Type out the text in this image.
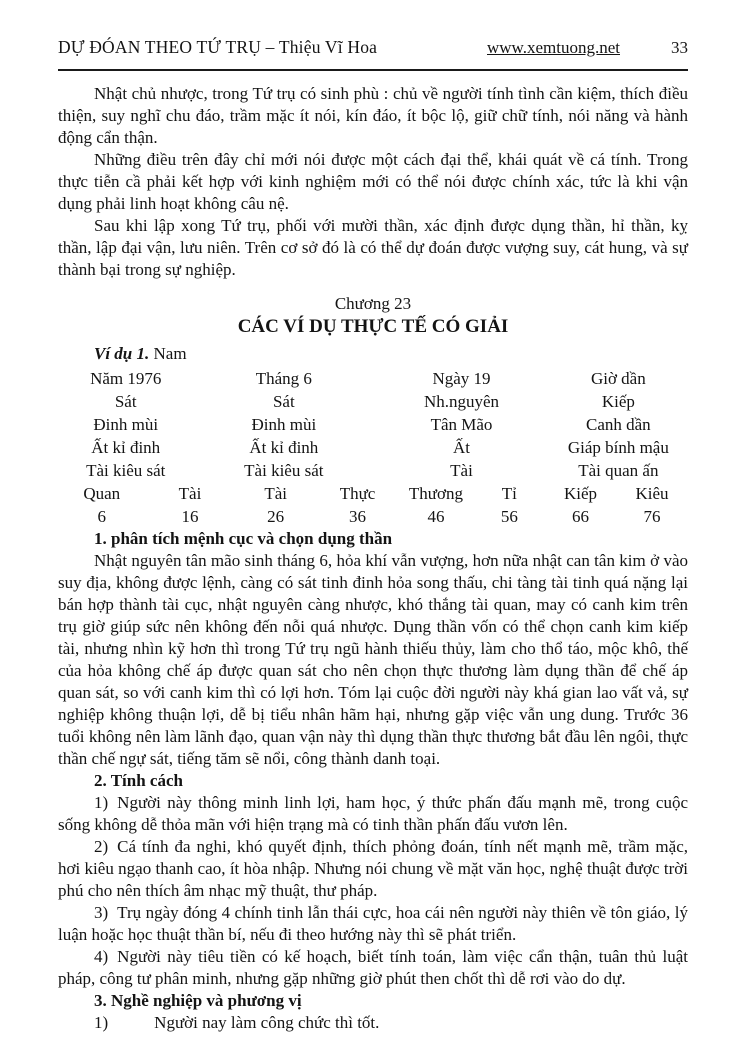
DỰ ĐÓAN THEO TỨ TRỤ – Thiệu Vĩ Hoa	www.xemtuong.net	33

Nhật chủ nhược, trong Tứ trụ có sinh phù : chủ về người tính tình cần kiệm, thích điều thiện, suy nghĩ chu đáo, trầm mặc ít nói, kín đáo, ít bộc lộ, giữ chữ tính, nói năng và hành động cẩn thận.

Những điều trên đây chỉ mới nói được một cách đại thể, khái quát về cá tính. Trong thực tiễn cầ phải kết hợp với kinh nghiệm mới có thể nói được chính xác, tức là khi vận dụng phải linh hoạt không câu nệ.

Sau khi lập xong Tứ trụ, phối với mười thần, xác định được dụng thần, hỉ thần, kỵ thần, lập đại vận, lưu niên. Trên cơ sở đó là có thể dự đoán được vượng suy, cát hung, và sự thành bại trong sự nghiệp.

Chương 23
CÁC VÍ DỤ THỰC TẾ CÓ GIẢI
Ví dụ 1. Nam
Năm 1976	Tháng 6	Ngày 19	Giờ dần
Sát	Sát	Nh.nguyên	Kiếp
Đinh mùi	Đinh mùi	Tân Mão	Canh dần
Ất kỉ đinh	Ất kỉ đinh	Ất	Giáp bính mậu
Tài kiêu sát	Tài kiêu sát	Tài	Tài quan ấn
Quan	Tài	Tài	Thực	Thương	Tỉ	Kiếp	Kiêu
6	16	26	36	46	56	66	76

1. phân tích mệnh cục và chọn dụng thần

Nhật nguyên tân mão sinh tháng 6, hỏa khí vẫn vượng, hơn nữa nhật can tân kim ở vào suy địa, không được lệnh, càng có sát tinh đinh hỏa song thấu, chi tàng tài tinh quá nặng lại bán hợp thành tài cục, nhật nguyên càng nhược, khó thắng tài quan, may có canh kim trên trụ giờ giúp sức nên không đến nỗi quá nhược. Dụng thần vốn có thể chọn canh kim kiếp tài, nhưng nhìn kỹ hơn thì trong Tứ trụ ngũ hành thiếu thủy, làm cho thổ táo, mộc khô, thế của hỏa không chế áp được quan sát cho nên chọn thực thương làm dụng thần để chế áp quan sát, so với canh kim thì có lợi hơn. Tóm lại cuộc đời người này khá gian lao vất vả, sự nghiệp không thuận lợi, dễ bị tiểu nhân hãm hại, nhưng gặp việc vẫn ung dung. Trước 36 tuổi không nên làm lãnh đạo, quan vận này thì dụng thần thực thương bắt đầu lên ngôi, thực thần chế ngự sát, tiếng tăm sẽ nổi, công thành danh toại.

2. Tính cách

1) Người này thông minh linh lợi, ham học, ý thức phấn đấu mạnh mẽ, trong cuộc sống không dễ thỏa mãn với hiện trạng mà có tinh thần phấn đấu vươn lên.

2) Cá tính đa nghi, khó quyết định, thích phỏng đoán, tính nết mạnh mẽ, trầm mặc, hơi kiêu ngạo thanh cao, ít hòa nhập. Nhưng nói chung về mặt văn học, nghệ thuật được trời phú cho nên thích âm nhạc mỹ thuật, thư pháp.

3) Trụ ngày đóng 4 chính tinh lẫn thái cực, hoa cái nên người này thiên về tôn giáo, lý luận hoặc học thuật thần bí, nếu đi theo hướng này thì sẽ phát triển.

4) Người này tiêu tiền có kế hoạch, biết tính toán, làm việc cẩn thận, tuân thủ luật pháp, công tư phân minh, nhưng gặp những giờ phút then chốt thì dễ rơi vào do dự.

3. Nghề nghiệp và phương vị

1)	Người nay làm công chức thì tốt.
